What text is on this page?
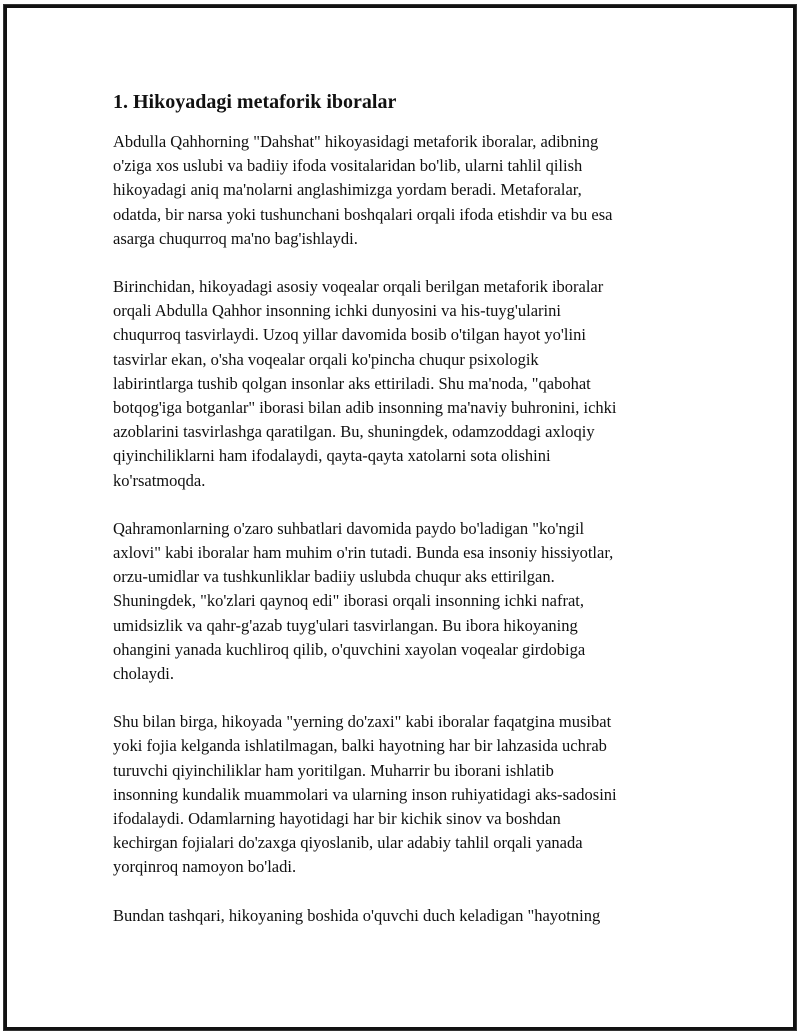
1. Hikoyadagi metaforik iboralar

Abdulla Qahhorning "Dahshat" hikoyasidagi metaforik iboralar, adibning
o'ziga xos uslubi va badiiy ifoda vositalaridan bo'lib, ularni tahlil qilish
hikoyadagi aniq ma'nolarni anglashimizga yordam beradi. Metaforalar,
odatda, bir narsa yoki tushunchani boshqalari orqali ifoda etishdir va bu esa
asarga chuqurroq ma'no bag'ishlaydi.

Birinchidan, hikoyadagi asosiy voqealar orqali berilgan metaforik iboralar
orqali Abdulla Qahhor insonning ichki dunyosini va his-tuyg'ularini
chuqurroq tasvirlaydi. Uzoq yillar davomida bosib o'tilgan hayot yo'lini
tasvirlar ekan, o'sha voqealar orqali ko'pincha chuqur psixologik
labirintlarga tushib qolgan insonlar aks ettiriladi. Shu ma'noda, "qabohat
botqog'iga botganlar" iborasi bilan adib insonning ma'naviy buhronini, ichki
azoblarini tasvirlashga qaratilgan. Bu, shuningdek, odamzoddagi axloqiy
qiyinchiliklarni ham ifodalaydi, qayta-qayta xatolarni sota olishini
ko'rsatmoqda.

Qahramonlarning o'zaro suhbatlari davomida paydo bo'ladigan "ko'ngil
axlovi" kabi iboralar ham muhim o'rin tutadi. Bunda esa insoniy hissiyotlar,
orzu-umidlar va tushkunliklar badiiy uslubda chuqur aks ettirilgan.
Shuningdek, "ko'zlari qaynoq edi" iborasi orqali insonning ichki nafrat,
umidsizlik va qahr-g'azab tuyg'ulari tasvirlangan. Bu ibora hikoyaning
ohangini yanada kuchliroq qilib, o'quvchini xayolan voqealar girdobiga
cholaydi.

Shu bilan birga, hikoyada "yerning do'zaxi" kabi iboralar faqatgina musibat
yoki fojia kelganda ishlatilmagan, balki hayotning har bir lahzasida uchrab
turuvchi qiyinchiliklar ham yoritilgan. Muharrir bu iborani ishlatib
insonning kundalik muammolari va ularning inson ruhiyatidagi aks-sadosini
ifodalaydi. Odamlarning hayotidagi har bir kichik sinov va boshdan
kechirgan fojialari do'zaxga qiyoslanib, ular adabiy tahlil orqali yanada
yorqinroq namoyon bo'ladi.

Bundan tashqari, hikoyaning boshida o'quvchi duch keladigan "hayotning
